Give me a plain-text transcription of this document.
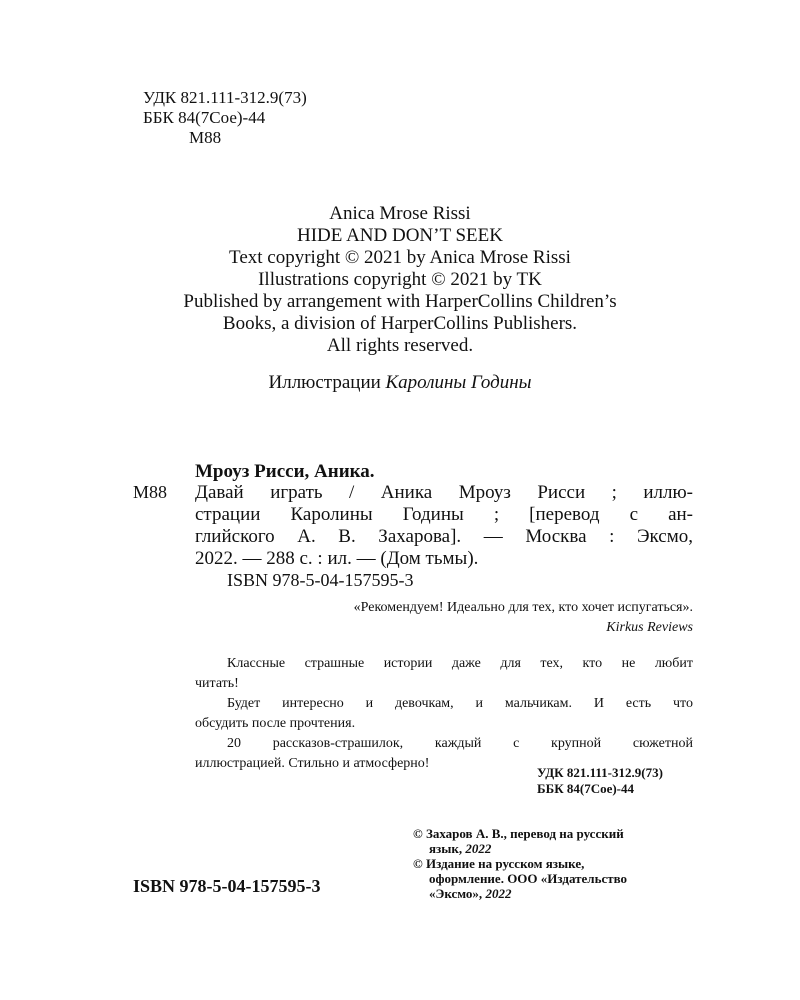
УДК 821.111-312.9(73)
ББК 84(7Сое)-44
М88
Anica Mrose Rissi
HIDE AND DON’T SEEK
Text copyright © 2021 by Anica Mrose Rissi
Illustrations copyright © 2021 by TK
Published by arrangement with HarperCollins Children’s
Books, a division of HarperCollins Publishers.
All rights reserved.
Иллюстрации Каролины Годины
Мроуз Рисси, Аника.
М88 Давай играть / Аника Мроуз Рисси ; иллю-
страции Каролины Годины ; [перевод с ан-
глийского А. В. Захарова]. — Москва : Эксмо,
2022. — 288 с. : ил. — (Дом тьмы).
ISBN 978-5-04-157595-3
«Рекомендуем! Идеально для тех, кто хочет испугаться».
Kirkus Reviews
Классные страшные истории даже для тех, кто не любит
читать!
Будет интересно и девочкам, и мальчикам. И есть что
обсудить после прочтения.
20 рассказов-страшилок, каждый с крупной сюжетной
иллюстрацией. Стильно и атмосферно!
УДК 821.111-312.9(73)
ББК 84(7Сое)-44
© Захаров А. В., перевод на русский
язык, 2022
© Издание на русском языке,
оформление. ООО «Издательство
«Эксмо», 2022
ISBN 978-5-04-157595-3
